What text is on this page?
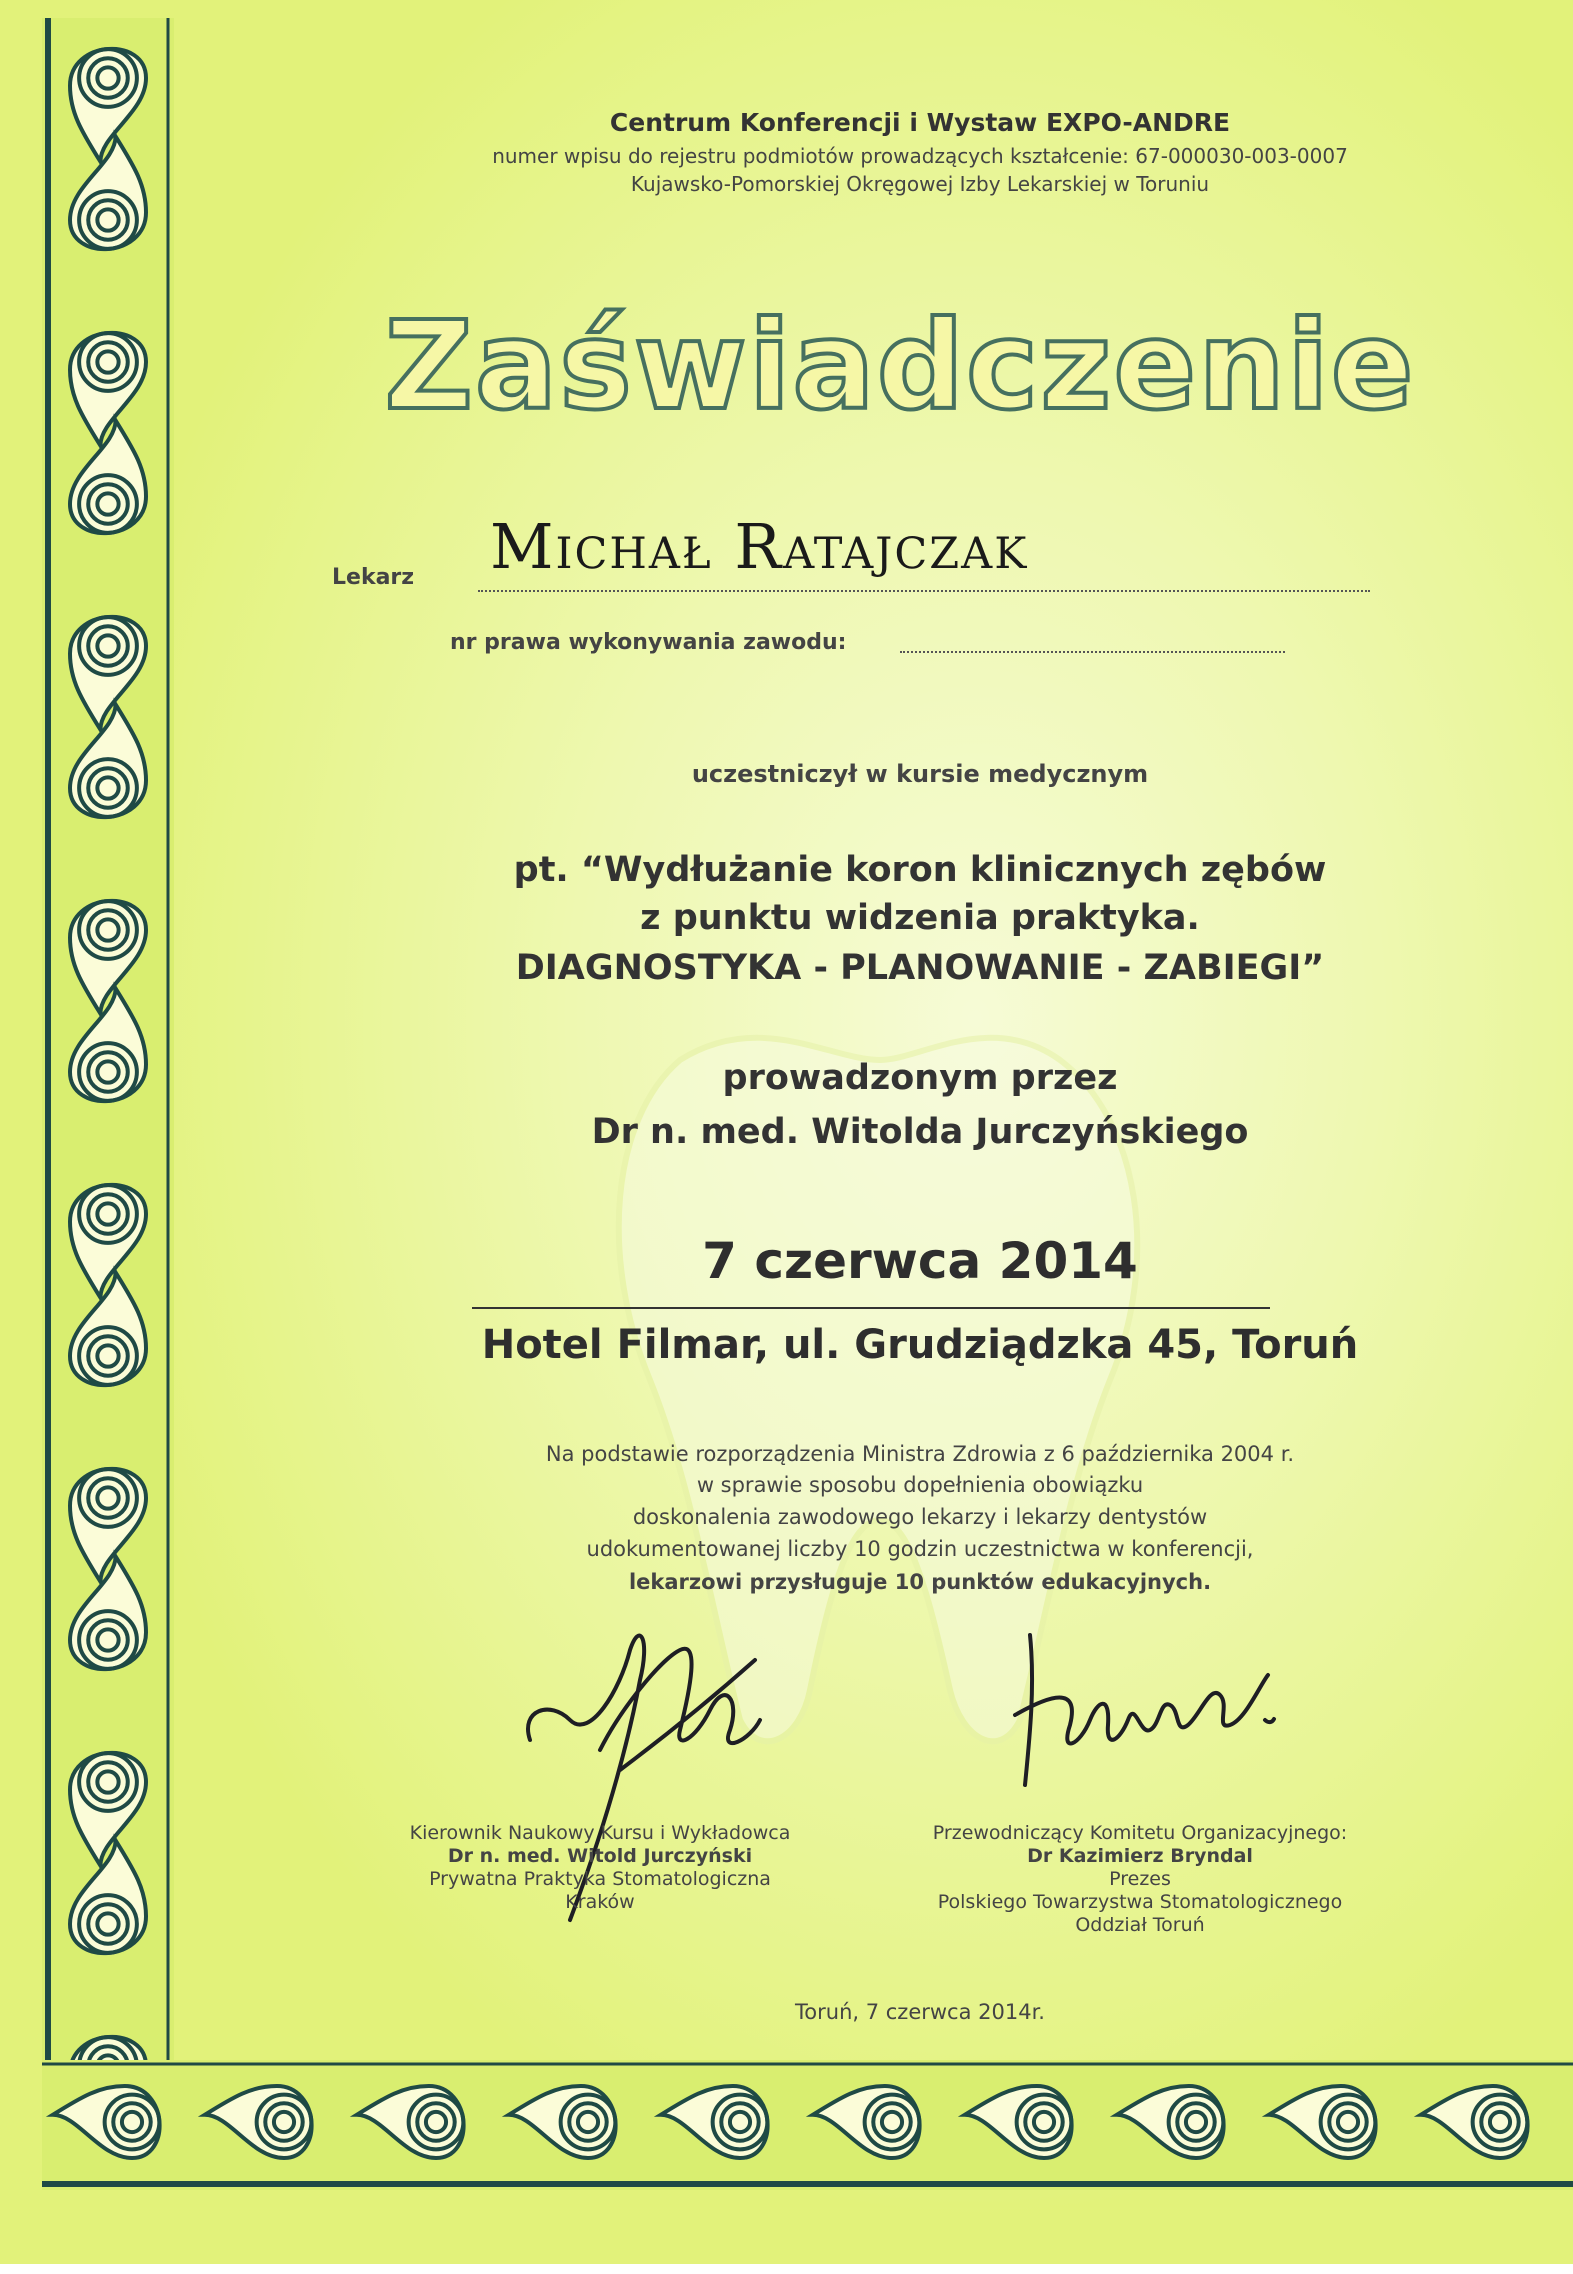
Centrum Konferencji i Wystaw EXPO-ANDRE
numer wpisu do rejestru podmiotów prowadzących kształcenie: 67-000030-003-0007
Kujawsko-Pomorskiej Okręgowej Izby Lekarskiej w Toruniu
Zaświadczenie
Lekarz Michał Ratajczak
nr prawa wykonywania zawodu:
uczestniczył w kursie medycznym
pt. “Wydłużanie koron klinicznych zębów
z punktu widzenia praktyka.
DIAGNOSTYKA - PLANOWANIE - ZABIEGI”
prowadzonym przez
Dr n. med. Witolda Jurczyńskiego
7 czerwca 2014
Hotel Filmar, ul. Grudziądzka 45, Toruń
Na podstawie rozporządzenia Ministra Zdrowia z 6 października 2004 r.
w sprawie sposobu dopełnienia obowiązku
doskonalenia zawodowego lekarzy i lekarzy dentystów
udokumentowanej liczby 10 godzin uczestnictwa w konferencji,
lekarzowi przysługuje 10 punktów edukacyjnych.
Kierownik Naukowy Kursu i Wykładowca
Dr n. med. Witold Jurczyński
Prywatna Praktyka Stomatologiczna
Kraków
Przewodniczący Komitetu Organizacyjnego:
Dr Kazimierz Bryndal
Prezes
Polskiego Towarzystwa Stomatologicznego
Oddział Toruń
Toruń, 7 czerwca 2014r.
